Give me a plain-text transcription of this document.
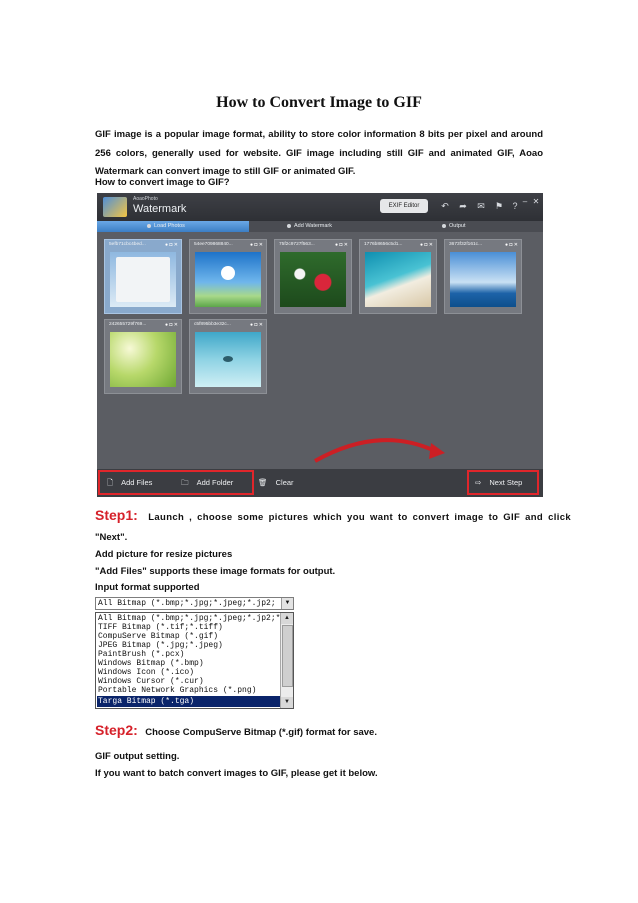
How to Convert Image to GIF
GIF image is a popular image format, ability to store color information 8 bits per pixel and around 256 colors, generally used for website. GIF image including still GIF and animated GIF, Aoao Watermark can convert image to still GIF or animated GIF.
How to convert image to GIF?
AoaoPhoto
Watermark	EXIF Editor	↶ ➦ ✉ ⚑	? – ✕
Load Photos	Add Watermark	Output
5efb71cbc4bed...	● ◘ ✕	54ee709868840...	● ◘ ✕	75f2c9727f563...	● ◘ ✕	1776b8656c5d1...	● ◘ ✕	3673f32f161c...	● ◘ ✕
242655729f769...	● ◘ ✕	c5f895bb3e32c...	● ◘ ✕
🗋 Add Files	🗀 Add Folder	🗑 Clear	⇨ Next Step
Step1: Launch , choose some pictures which you want to convert image to GIF and click
"Next".
Add picture for resize pictures
"Add Files" supports these image formats for output.
Input format supported
All Bitmap (*.bmp;*.jpg;*.jpeg;*.jp2;	▼
All Bitmap (*.bmp;*.jpg;*.jpeg;*.jp2;*
TIFF Bitmap (*.tif;*.tiff)
CompuServe Bitmap (*.gif)
JPEG Bitmap (*.jpg;*.jpeg)
PaintBrush (*.pcx)
Windows Bitmap (*.bmp)
Windows Icon (*.ico)
Windows Cursor (*.cur)
Portable Network Graphics (*.png)
Targa Bitmap (*.tga)
▲
▼
Step2: Choose CompuServe Bitmap (*.gif) format for save.
GIF output setting.
If you want to batch convert images to GIF, please get it below.
